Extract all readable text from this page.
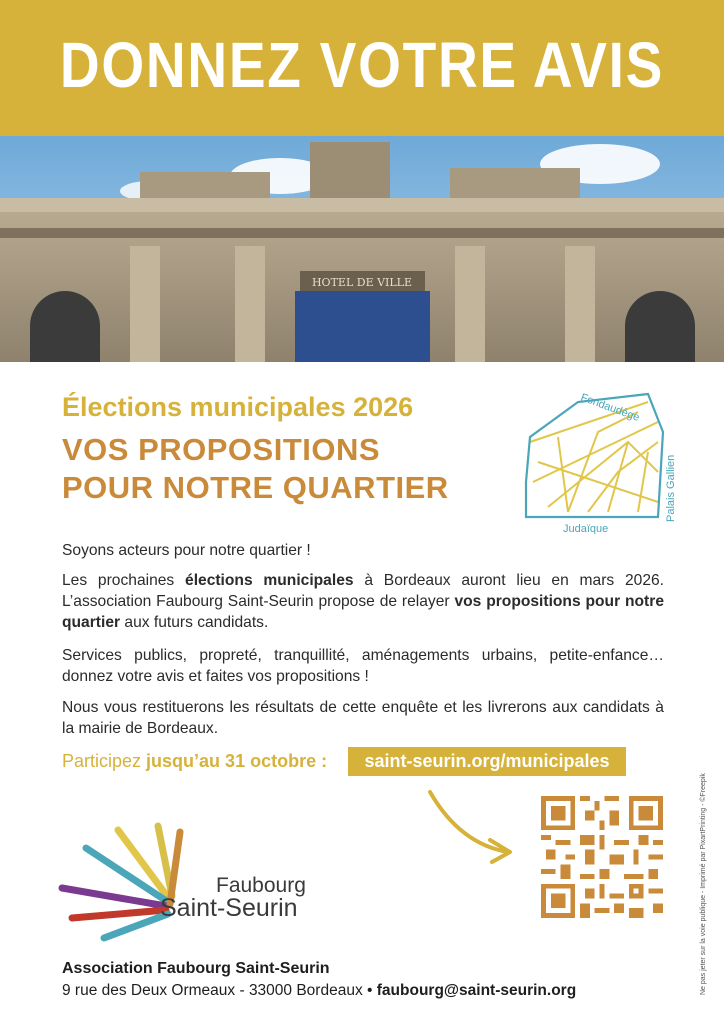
DONNEZ VOTRE AVIS
HOTEL DE VILLE
Élections municipales 2026
VOS PROPOSITIONS
POUR NOTRE QUARTIER
Fondaudège
Palais Gallien
Judaïque
Soyons acteurs pour notre quartier !
Les prochaines élections municipales à Bordeaux auront lieu en mars 2026. L’association Faubourg Saint-Seurin propose de relayer vos propositions pour notre quartier aux futurs candidats.
Services publics, propreté, tranquillité, aménagements urbains, petite-enfance… donnez votre avis et faites vos propositions !
Nous vous restituerons les résultats de cette enquête et les livrerons aux candidats à la mairie de Bordeaux.
Participez jusqu’au 31 octobre :	saint-seurin.org/municipales
Faubourg
Saint-Seurin
Association Faubourg Saint-Seurin
9 rue des Deux Ormeaux - 33000 Bordeaux • faubourg@saint-seurin.org	Ne pas jeter sur la voie publique - Imprimé par PixartPrinting - ©Freepik
